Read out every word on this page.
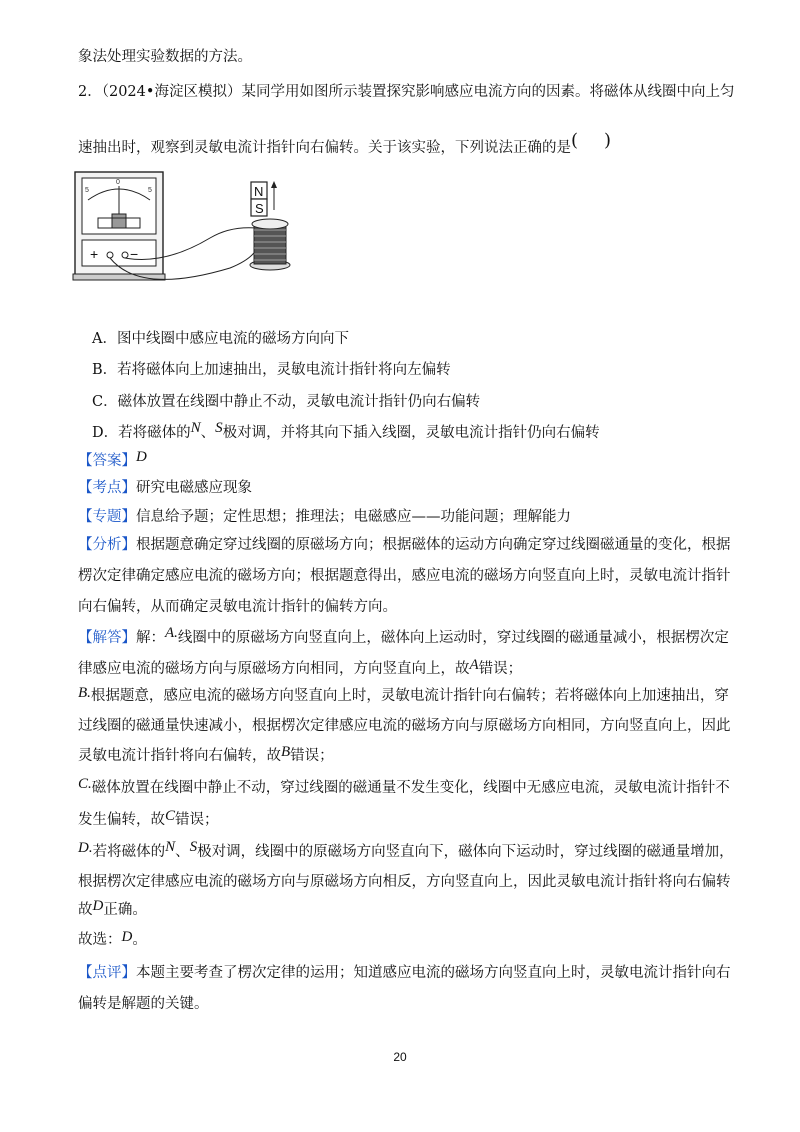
象法处理实验数据的方法。
2．（2024•海淀区模拟）某同学用如图所示装置探究影响感应电流方向的因素。将磁体从线圈中向上匀
速抽出时，观察到灵敏电流计指针向右偏转。关于该实验，下列说法正确的是( )
5
0
5
+ −
N
S
A．图中线圈中感应电流的磁场方向向下
B．若将磁体向上加速抽出，灵敏电流计指针将向左偏转
C．磁体放置在线圈中静止不动，灵敏电流计指针仍向右偏转
D．若将磁体的N、S极对调，并将其向下插入线圈，灵敏电流计指针仍向右偏转
【答案】D
【考点】研究电磁感应现象
【专题】信息给予题；定性思想；推理法；电磁感应——功能问题；理解能力
【分析】根据题意确定穿过线圈的原磁场方向；根据磁体的运动方向确定穿过线圈磁通量的变化，根据
楞次定律确定感应电流的磁场方向；根据题意得出，感应电流的磁场方向竖直向上时，灵敏电流计指针
向右偏转，从而确定灵敏电流计指针的偏转方向。
【解答】解：A.线圈中的原磁场方向竖直向上，磁体向上运动时，穿过线圈的磁通量减小，根据楞次定
律感应电流的磁场方向与原磁场方向相同，方向竖直向上，故A错误；
B.根据题意，感应电流的磁场方向竖直向上时，灵敏电流计指针向右偏转；若将磁体向上加速抽出，穿
过线圈的磁通量快速减小，根据楞次定律感应电流的磁场方向与原磁场方向相同，方向竖直向上，因此
灵敏电流计指针将向右偏转，故B错误；
C.磁体放置在线圈中静止不动，穿过线圈的磁通量不发生变化，线圈中无感应电流，灵敏电流计指针不
发生偏转，故C错误；
D.若将磁体的N、S极对调，线圈中的原磁场方向竖直向下，磁体向下运动时，穿过线圈的磁通量增加，
根据楞次定律感应电流的磁场方向与原磁场方向相反，方向竖直向上，因此灵敏电流计指针将向右偏转
故D正确。
故选：D。
【点评】本题主要考查了楞次定律的运用；知道感应电流的磁场方向竖直向上时，灵敏电流计指针向右
偏转是解题的关键。
20
